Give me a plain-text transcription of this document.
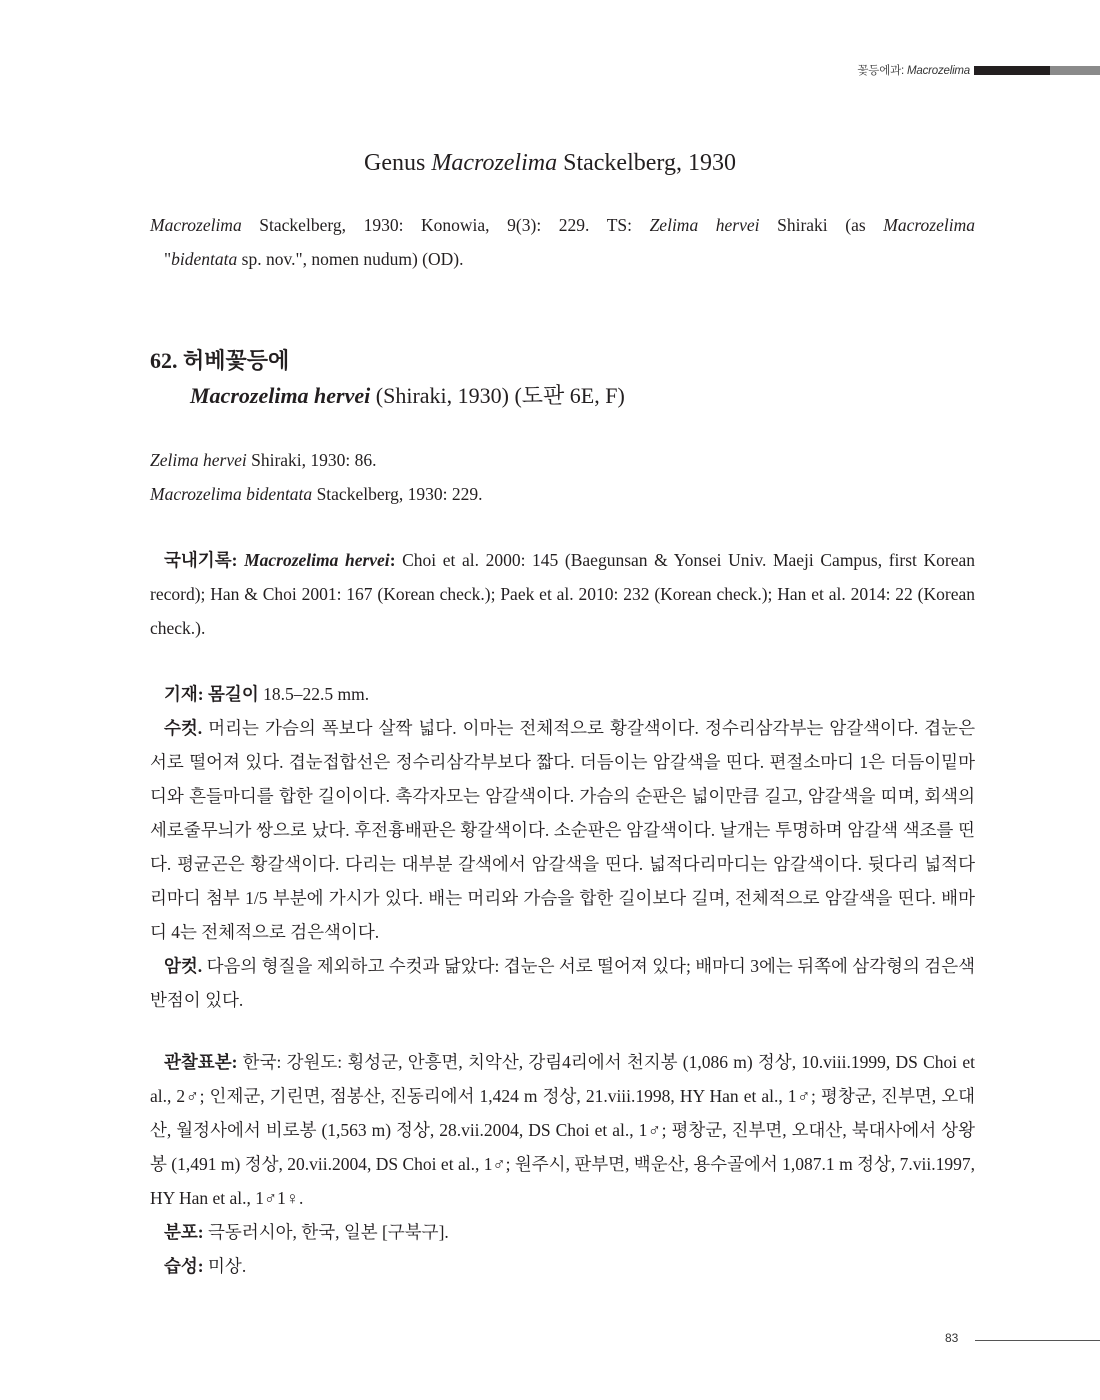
꽃등에과: Macrozelima
Genus Macrozelima Stackelberg, 1930

Macrozelima Stackelberg, 1930: Konowia, 9(3): 229. TS: Zelima hervei Shiraki (as Macrozelima

"bidentata sp. nov.", nomen nudum) (OD).

62. 허베꽃등에
Macrozelima hervei (Shiraki, 1930) (도판 6E, F)

Zelima hervei Shiraki, 1930: 86.

Macrozelima bidentata Stackelberg, 1930: 229.

국내기록: Macrozelima hervei: Choi et al. 2000: 145 (Baegunsan & Yonsei Univ. Maeji Campus, first Korean record); Han & Choi 2001: 167 (Korean check.); Paek et al. 2010: 232 (Korean check.); Han et al. 2014: 22 (Korean check.).

기재: 몸길이 18.5–22.5 mm.

수컷. 머리는 가슴의 폭보다 살짝 넓다. 이마는 전체적으로 황갈색이다. 정수리삼각부는 암갈색이다. 겹눈은 서로 떨어져 있다. 겹눈접합선은 정수리삼각부보다 짧다. 더듬이는 암갈색을 띤다. 편절소마디 1은 더듬이밑마디와 흔들마디를 합한 길이이다. 촉각자모는 암갈색이다. 가슴의 순판은 넓이만큼 길고, 암갈색을 띠며, 회색의 세로줄무늬가 쌍으로 났다. 후전흉배판은 황갈색이다. 소순판은 암갈색이다. 날개는 투명하며 암갈색 색조를 띤다. 평균곤은 황갈색이다. 다리는 대부분 갈색에서 암갈색을 띤다. 넓적다리마디는 암갈색이다. 뒷다리 넓적다리마디 첨부 1/5 부분에 가시가 있다. 배는 머리와 가슴을 합한 길이보다 길며, 전체적으로 암갈색을 띤다. 배마디 4는 전체적으로 검은색이다.

암컷. 다음의 형질을 제외하고 수컷과 닮았다: 겹눈은 서로 떨어져 있다; 배마디 3에는 뒤쪽에 삼각형의 검은색 반점이 있다.

관찰표본: 한국: 강원도: 횡성군, 안흥면, 치악산, 강림4리에서 천지봉 (1,086 m) 정상, 10.viii.1999, DS Choi et al., 2♂; 인제군, 기린면, 점봉산, 진동리에서 1,424 m 정상, 21.viii.1998, HY Han et al., 1♂; 평창군, 진부면, 오대산, 월정사에서 비로봉 (1,563 m) 정상, 28.vii.2004, DS Choi et al., 1♂; 평창군, 진부면, 오대산, 북대사에서 상왕봉 (1,491 m) 정상, 20.vii.2004, DS Choi et al., 1♂; 원주시, 판부면, 백운산, 용수골에서 1,087.1 m 정상, 7.vii.1997, HY Han et al., 1♂1♀.

분포: 극동러시아, 한국, 일본 [구북구].

습성: 미상.

83
